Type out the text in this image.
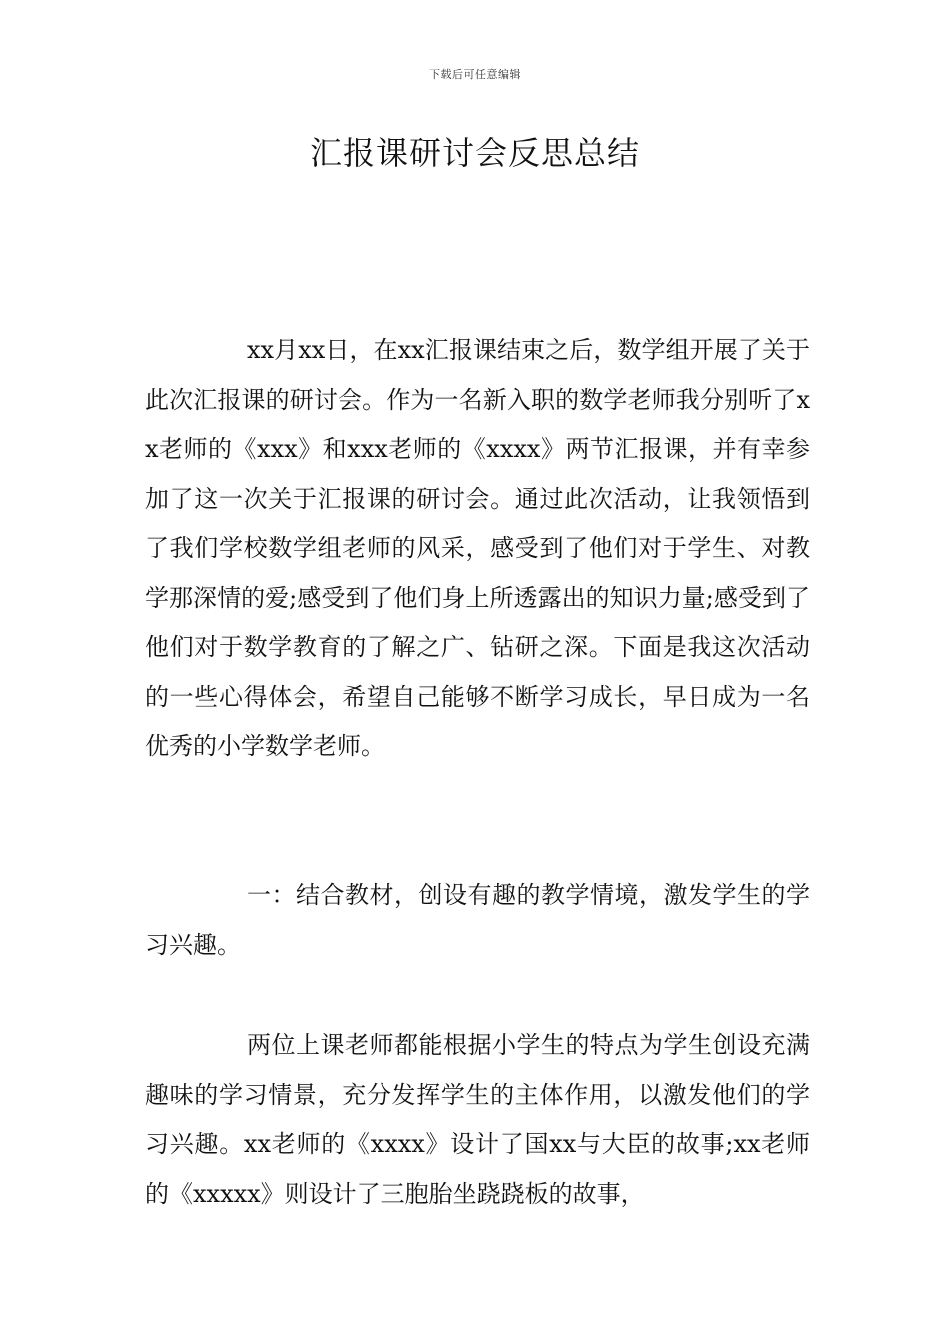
下载后可任意编辑
汇报课研讨会反思总结

xx月xx日，在xx汇报课结束之后，数学组开展了关于此次汇报课的研讨会。作为一名新入职的数学老师我分别听了xx老师的《xxx》和xxx老师的《xxxx》两节汇报课，并有幸参加了这一次关于汇报课的研讨会。通过此次活动，让我领悟到了我们学校数学组老师的风采，感受到了他们对于学生、对教学那深情的爱;感受到了他们身上所透露出的知识力量;感受到了他们对于数学教育的了解之广、钻研之深。下面是我这次活动的一些心得体会，希望自己能够不断学习成长，早日成为一名优秀的小学数学老师。

一：结合教材，创设有趣的教学情境，激发学生的学习兴趣。

两位上课老师都能根据小学生的特点为学生创设充满趣味的学习情景，充分发挥学生的主体作用，以激发他们的学习兴趣。xx老师的《xxxx》设计了国xx与大臣的故事;xx老师的《xxxxx》则设计了三胞胎坐跷跷板的故事，
